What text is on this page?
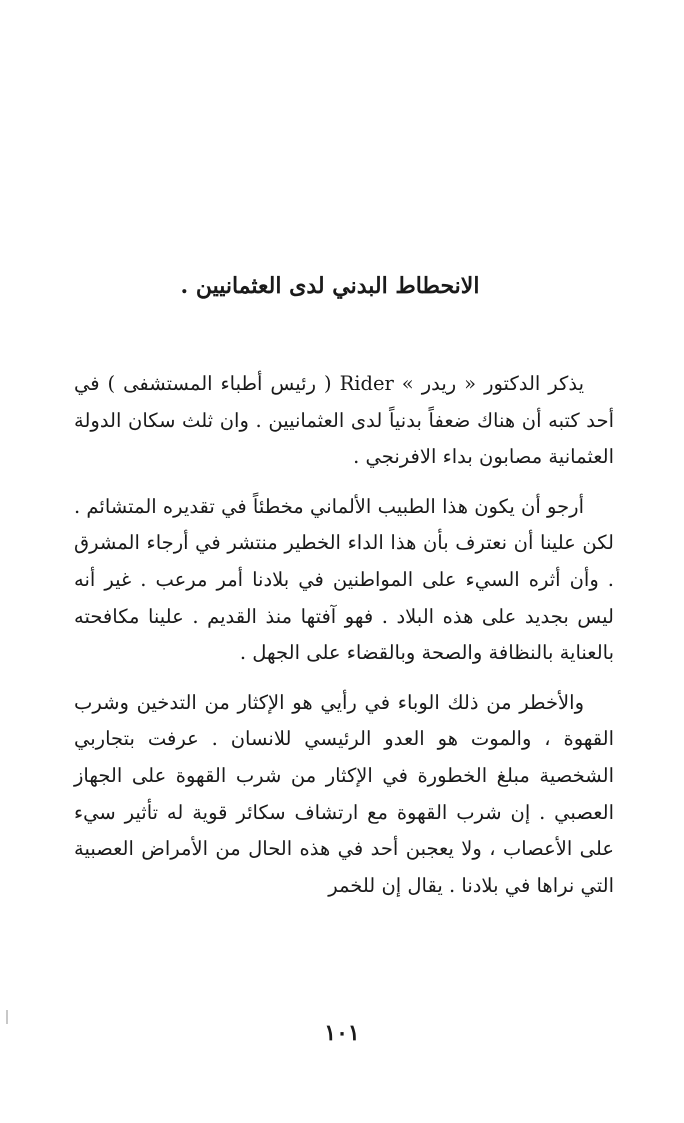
الانحطاط البدني لدى العثمانيين .

يذكر الدكتور « ريدر » Rider ( رئيس أطباء المستشفى ) في أحد كتبه أن هناك ضعفاً بدنياً لدى العثمانيين . وان ثلث سكان الدولة العثمانية مصابون بداء الافرنجي .

أرجو أن يكون هذا الطبيب الألماني مخطئاً في تقديره المتشائم . لكن علينا أن نعترف بأن هذا الداء الخطير منتشر في أرجاء المشرق . وأن أثره السيء على المواطنين في بلادنا أمر مرعب . غير أنه ليس بجديد على هذه البلاد . فهو آفتها منذ القديم . علينا مكافحته بالعناية بالنظافة والصحة وبالقضاء على الجهل .

والأخطر من ذلك الوباء في رأيي هو الإكثار من التدخين وشرب القهوة ، والموت هو العدو الرئيسي للانسان . عرفت بتجاربي الشخصية مبلغ الخطورة في الإكثار من شرب القهوة على الجهاز العصبي . إن شرب القهوة مع ارتشاف سكائر قوية له تأثير سيء على الأعصاب ، ولا يعجبن أحد في هذه الحال من الأمراض العصبية التي نراها في بلادنا . يقال إن للخمر

١٠١
